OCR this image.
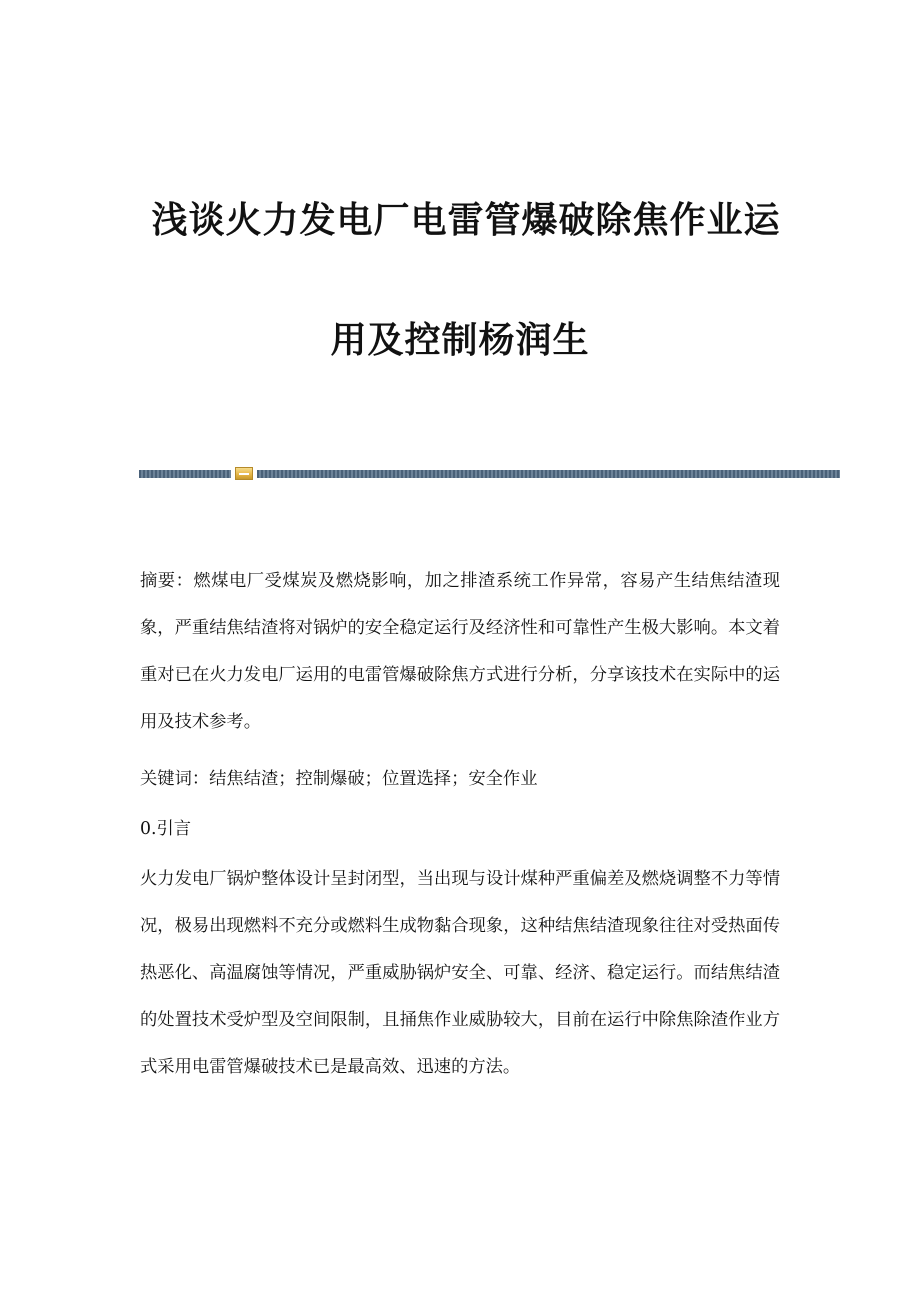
浅谈火力发电厂电雷管爆破除焦作业运
用及控制杨润生

摘要：燃煤电厂受煤炭及燃烧影响，加之排渣系统工作异常，容易产生结焦结渣现象，严重结焦结渣将对锅炉的安全稳定运行及经济性和可靠性产生极大影响。本文着重对已在火力发电厂运用的电雷管爆破除焦方式进行分析，分享该技术在实际中的运用及技术参考。

关键词：结焦结渣；控制爆破；位置选择；安全作业

0.引言

火力发电厂锅炉整体设计呈封闭型，当出现与设计煤种严重偏差及燃烧调整不力等情况，极易出现燃料不充分或燃料生成物黏合现象，这种结焦结渣现象往往对受热面传热恶化、高温腐蚀等情况，严重威胁锅炉安全、可靠、经济、稳定运行。而结焦结渣的处置技术受炉型及空间限制，且捅焦作业威胁较大，目前在运行中除焦除渣作业方式采用电雷管爆破技术已是最高效、迅速的方法。
